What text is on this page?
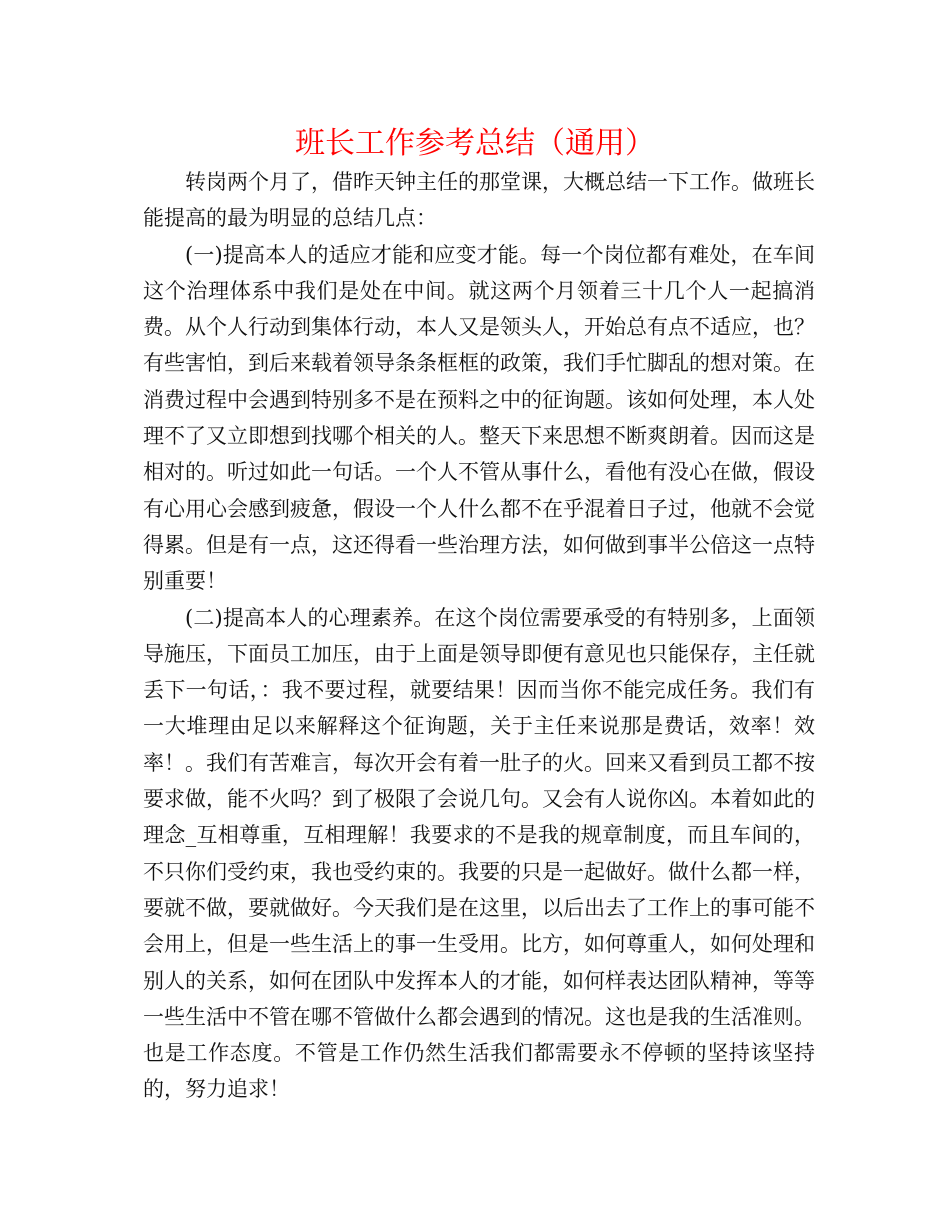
班长工作参考总结（通用）

转岗两个月了，借昨天钟主任的那堂课，大概总结一下工作。做班长能提高的最为明显的总结几点：

(一)提高本人的适应才能和应变才能。每一个岗位都有难处，在车间这个治理体系中我们是处在中间。就这两个月领着三十几个人一起搞消费。从个人行动到集体行动，本人又是领头人，开始总有点不适应，也？有些害怕，到后来载着领导条条框框的政策，我们手忙脚乱的想对策。在消费过程中会遇到特别多不是在预料之中的征询题。该如何处理，本人处理不了又立即想到找哪个相关的人。整天下来思想不断爽朗着。因而这是相对的。听过如此一句话。一个人不管从事什么，看他有没心在做，假设有心用心会感到疲惫，假设一个人什么都不在乎混着日子过，他就不会觉得累。但是有一点，这还得看一些治理方法，如何做到事半公倍这一点特别重要！

(二)提高本人的心理素养。在这个岗位需要承受的有特别多，上面领导施压，下面员工加压，由于上面是领导即便有意见也只能保存，主任就丢下一句话，：我不要过程，就要结果！因而当你不能完成任务。我们有一大堆理由足以来解释这个征询题，关于主任来说那是费话，效率！效率！。我们有苦难言，每次开会有着一肚子的火。回来又看到员工都不按要求做，能不火吗？到了极限了会说几句。又会有人说你凶。本着如此的理念_互相尊重，互相理解！我要求的不是我的规章制度，而且车间的，不只你们受约束，我也受约束的。我要的只是一起做好。做什么都一样，要就不做，要就做好。今天我们是在这里，以后出去了工作上的事可能不会用上，但是一些生活上的事一生受用。比方，如何尊重人，如何处理和别人的关系，如何在团队中发挥本人的才能，如何样表达团队精神，等等一些生活中不管在哪不管做什么都会遇到的情况。这也是我的生活准则。也是工作态度。不管是工作仍然生活我们都需要永不停顿的坚持该坚持的，努力追求！
